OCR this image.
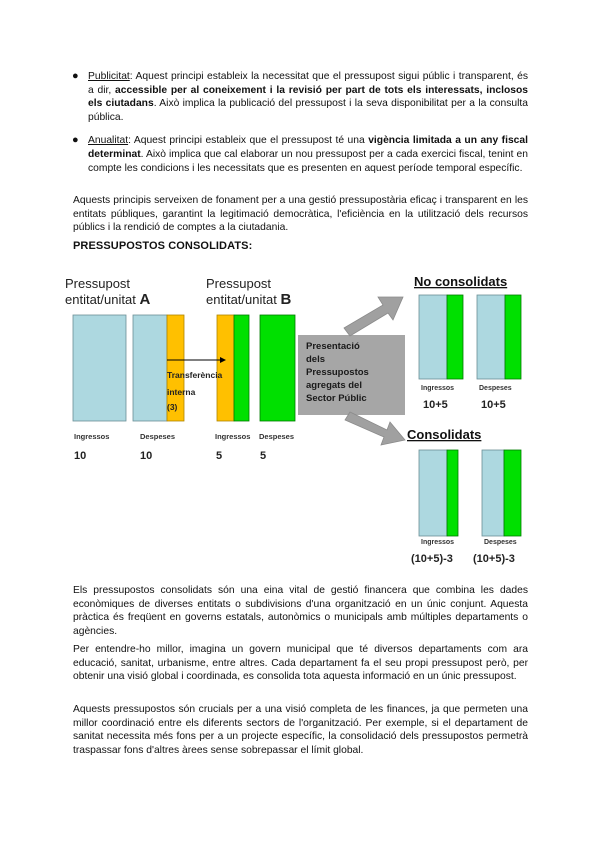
● Publicitat: Aquest principi estableix la necessitat que el pressupost sigui públic i transparent, és a dir, accessible per al coneixement i la revisió per part de tots els interessats, inclosos els ciutadans. Això implica la publicació del pressupost i la seva disponibilitat per a la consulta pública.
● Anualitat: Aquest principi estableix que el pressupost té una vigència limitada a un any fiscal determinat. Això implica que cal elaborar un nou pressupost per a cada exercici fiscal, tenint en compte les condicions i les necessitats que es presenten en aquest període temporal específic.

Aquests principis serveixen de fonament per a una gestió pressupostària eficaç i transparent en les entitats públiques, garantint la legitimació democràtica, l'eficiència en la utilització dels recursos públics i la rendició de comptes a la ciutadania.

PRESSUPOSTOS CONSOLIDATS:
Pressupost
entitat/unitat A
Pressupost
entitat/unitat B
Transferència
interna
(3)
Ingressos	Despeses	Ingressos Despeses
10	10	5	5
Presentació
dels
Pressupostos
agregats del
Sector Públic
No consolidats
Ingressos	Despeses
10+5	10+5
Consolidats
Ingressos	Despeses
(10+5)-3 (10+5)-3

Els pressupostos consolidats són una eina vital de gestió financera que combina les dades econòmiques de diverses entitats o subdivisions d'una organització en un únic conjunt. Aquesta pràctica és freqüent en governs estatals, autonòmics o municipals amb múltiples departaments o agències.

Per entendre-ho millor, imagina un govern municipal que té diversos departaments com ara educació, sanitat, urbanisme, entre altres. Cada departament fa el seu propi pressupost però, per obtenir una visió global i coordinada, es consolida tota aquesta informació en un únic pressupost.

Aquests pressupostos són crucials per a una visió completa de les finances, ja que permeten una millor coordinació entre els diferents sectors de l'organització. Per exemple, si el departament de sanitat necessita més fons per a un projecte específic, la consolidació dels pressupostos permetrà traspassar fons d'altres àrees sense sobrepassar el límit global.
